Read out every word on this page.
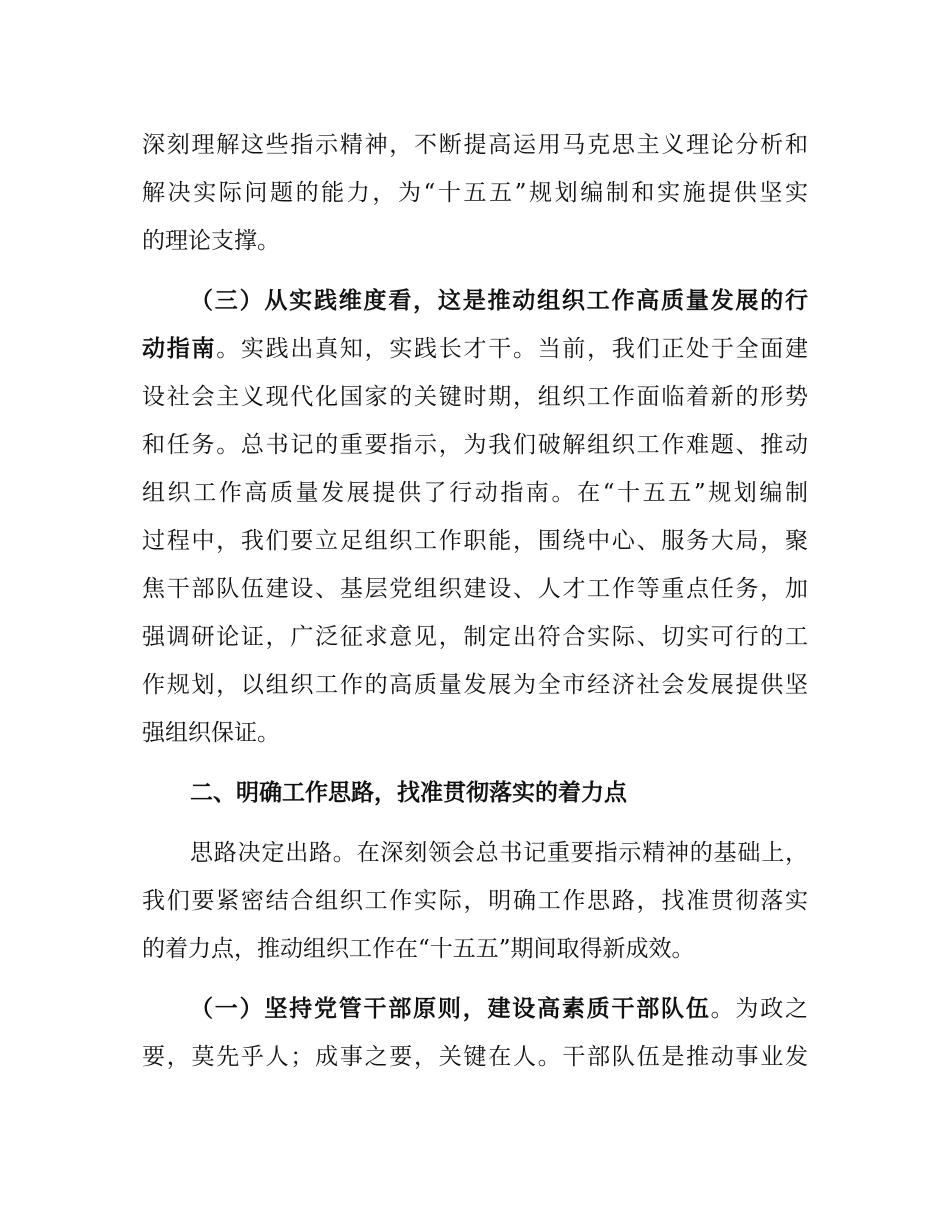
深刻理解这些指示精神，不断提高运用马克思主义理论分析和
解决实际问题的能力，为“十五五”规划编制和实施提供坚实
的理论支撑。
（三）从实践维度看，这是推动组织工作高质量发展的行
动指南。实践出真知，实践长才干。当前，我们正处于全面建
设社会主义现代化国家的关键时期，组织工作面临着新的形势
和任务。总书记的重要指示，为我们破解组织工作难题、推动
组织工作高质量发展提供了行动指南。在“十五五”规划编制
过程中，我们要立足组织工作职能，围绕中心、服务大局，聚
焦干部队伍建设、基层党组织建设、人才工作等重点任务，加
强调研论证，广泛征求意见，制定出符合实际、切实可行的工
作规划，以组织工作的高质量发展为全市经济社会发展提供坚
强组织保证。
二、明确工作思路，找准贯彻落实的着力点
思路决定出路。在深刻领会总书记重要指示精神的基础上，
我们要紧密结合组织工作实际，明确工作思路，找准贯彻落实
的着力点，推动组织工作在“十五五”期间取得新成效。
（一）坚持党管干部原则，建设高素质干部队伍。为政之
要，莫先乎人；成事之要，关键在人。干部队伍是推动事业发
